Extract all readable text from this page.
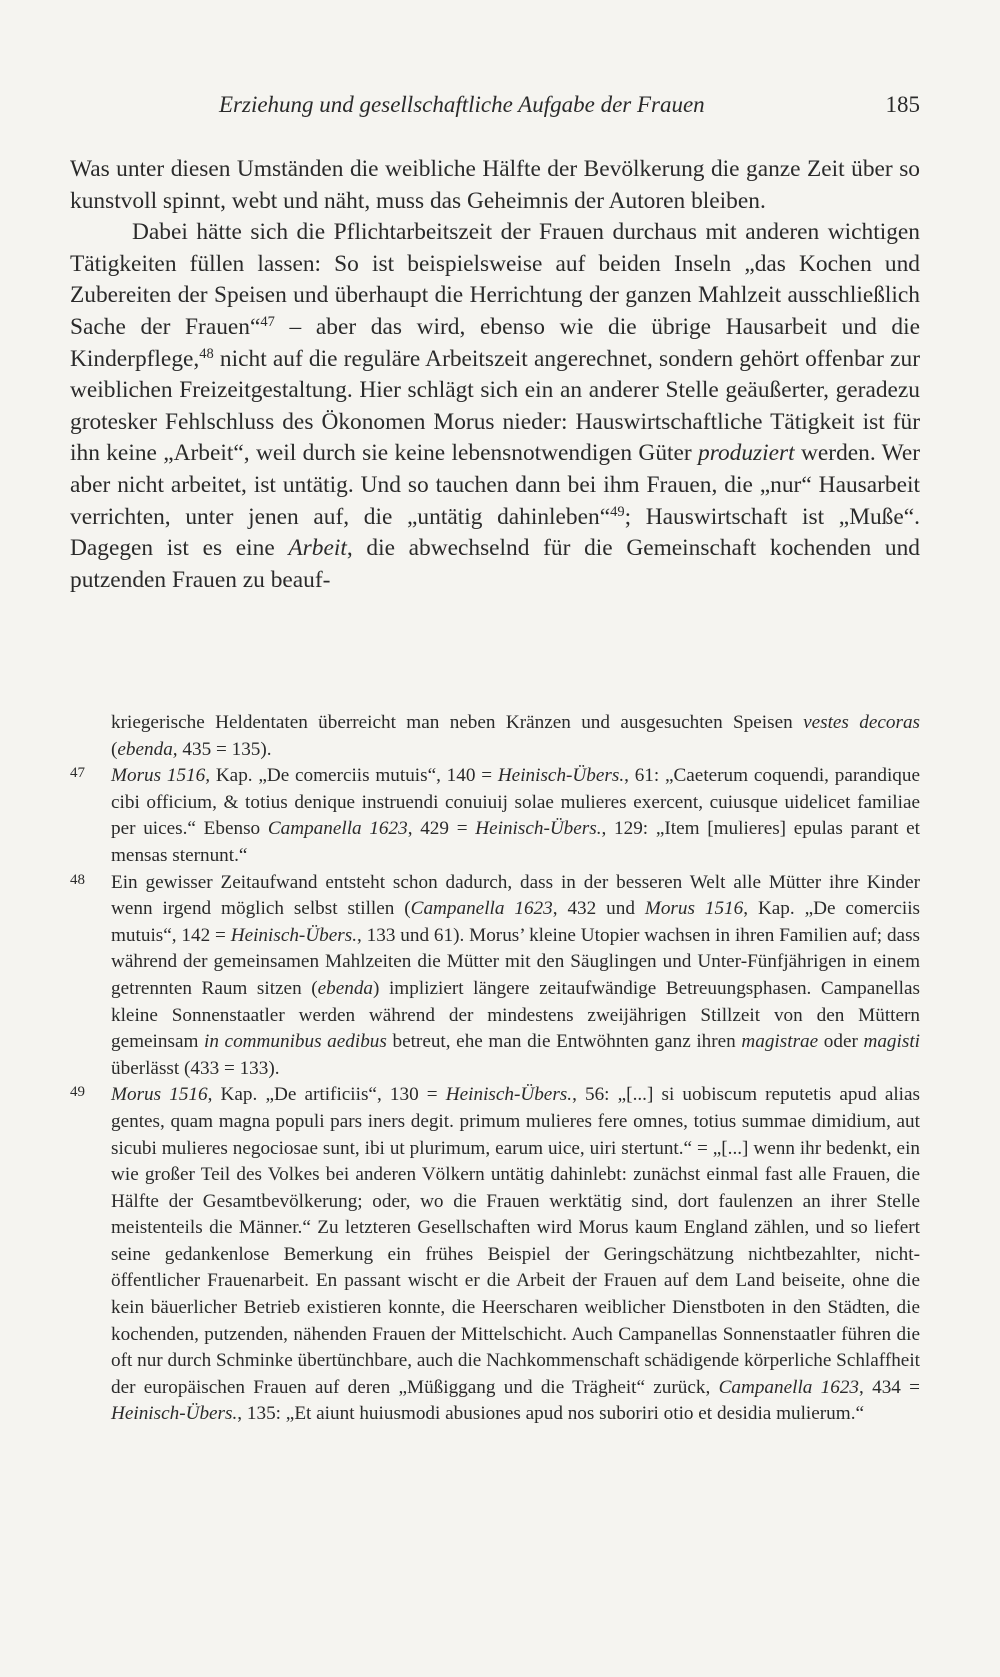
Erziehung und gesellschaftliche Aufgabe der Frauen	185

Was unter diesen Umständen die weibliche Hälfte der Bevölkerung die ganze Zeit über so kunstvoll spinnt, webt und näht, muss das Geheimnis der Autoren bleiben.

Dabei hätte sich die Pflichtarbeitszeit der Frauen durchaus mit anderen wichtigen Tätigkeiten füllen lassen: So ist beispielsweise auf beiden Inseln „das Kochen und Zubereiten der Speisen und überhaupt die Herrichtung der ganzen Mahlzeit ausschließlich Sache der Frauen“$^{47}$ – aber das wird, ebenso wie die übrige Hausarbeit und die Kinderpflege,$^{48}$ nicht auf die reguläre Arbeitszeit angerechnet, sondern gehört offenbar zur weiblichen Freizeitgestaltung. Hier schlägt sich ein an anderer Stelle geäußerter, geradezu grotesker Fehlschluss des Ökonomen Morus nieder: Hauswirtschaftliche Tätigkeit ist für ihn keine „Arbeit“, weil durch sie keine lebensnotwendigen Güter produziert werden. Wer aber nicht arbeitet, ist untätig. Und so tauchen dann bei ihm Frauen, die „nur“ Hausarbeit verrichten, unter jenen auf, die „untätig dahinleben“$^{49}$; Hauswirtschaft ist „Muße“. Dagegen ist es eine Arbeit, die abwechselnd für die Gemeinschaft kochenden und putzenden Frauen zu beauf-

kriegerische Heldentaten überreicht man neben Kränzen und ausgesuchten Speisen vestes decoras (ebenda, 435 = 135).
47 Morus 1516, Kap. „De comerciis mutuis“, 140 = Heinisch-Übers., 61: „Caeterum coquendi, parandique cibi officium, & totius denique instruendi conuiuij solae mulieres exercent, cuiusque uidelicet familiae per uices.“ Ebenso Campanella 1623, 429 = Heinisch-Übers., 129: „Item [mulieres] epulas parant et mensas sternunt.“
48 Ein gewisser Zeitaufwand entsteht schon dadurch, dass in der besseren Welt alle Mütter ihre Kinder wenn irgend möglich selbst stillen (Campanella 1623, 432 und Morus 1516, Kap. „De comerciis mutuis“, 142 = Heinisch-Übers., 133 und 61). Morus’ kleine Utopier wachsen in ihren Familien auf; dass während der gemeinsamen Mahlzeiten die Mütter mit den Säuglingen und Unter-Fünfjährigen in einem getrennten Raum sitzen (ebenda) impliziert längere zeitaufwändige Betreuungsphasen. Campanellas kleine Sonnenstaatler werden während der mindestens zweijährigen Stillzeit von den Müttern gemeinsam in communibus aedibus betreut, ehe man die Entwöhnten ganz ihren magistrae oder magisti überlässt (433 = 133).
49 Morus 1516, Kap. „De artificiis“, 130 = Heinisch-Übers., 56: „[...] si uobiscum reputetis apud alias gentes, quam magna populi pars iners degit. primum mulieres fere omnes, totius summae dimidium, aut sicubi mulieres negociosae sunt, ibi ut plurimum, earum uice, uiri stertunt.“ = „[...] wenn ihr bedenkt, ein wie großer Teil des Volkes bei anderen Völkern untätig dahinlebt: zunächst einmal fast alle Frauen, die Hälfte der Gesamtbevölkerung; oder, wo die Frauen werktätig sind, dort faulenzen an ihrer Stelle meistenteils die Männer.“ Zu letzteren Gesellschaften wird Morus kaum England zählen, und so liefert seine gedankenlose Bemerkung ein frühes Beispiel der Geringschätzung nichtbezahlter, nicht-öffentlicher Frauenarbeit. En passant wischt er die Arbeit der Frauen auf dem Land beiseite, ohne die kein bäuerlicher Betrieb existieren konnte, die Heerscharen weiblicher Dienstboten in den Städten, die kochenden, putzenden, nähenden Frauen der Mittelschicht. Auch Campanellas Sonnenstaatler führen die oft nur durch Schminke übertünchbare, auch die Nachkommenschaft schädigende körperliche Schlaffheit der europäischen Frauen auf deren „Müßiggang und die Trägheit“ zurück, Campanella 1623, 434 = Heinisch-Übers., 135: „Et aiunt huiusmodi abusiones apud nos suboriri otio et desidia mulierum.“
